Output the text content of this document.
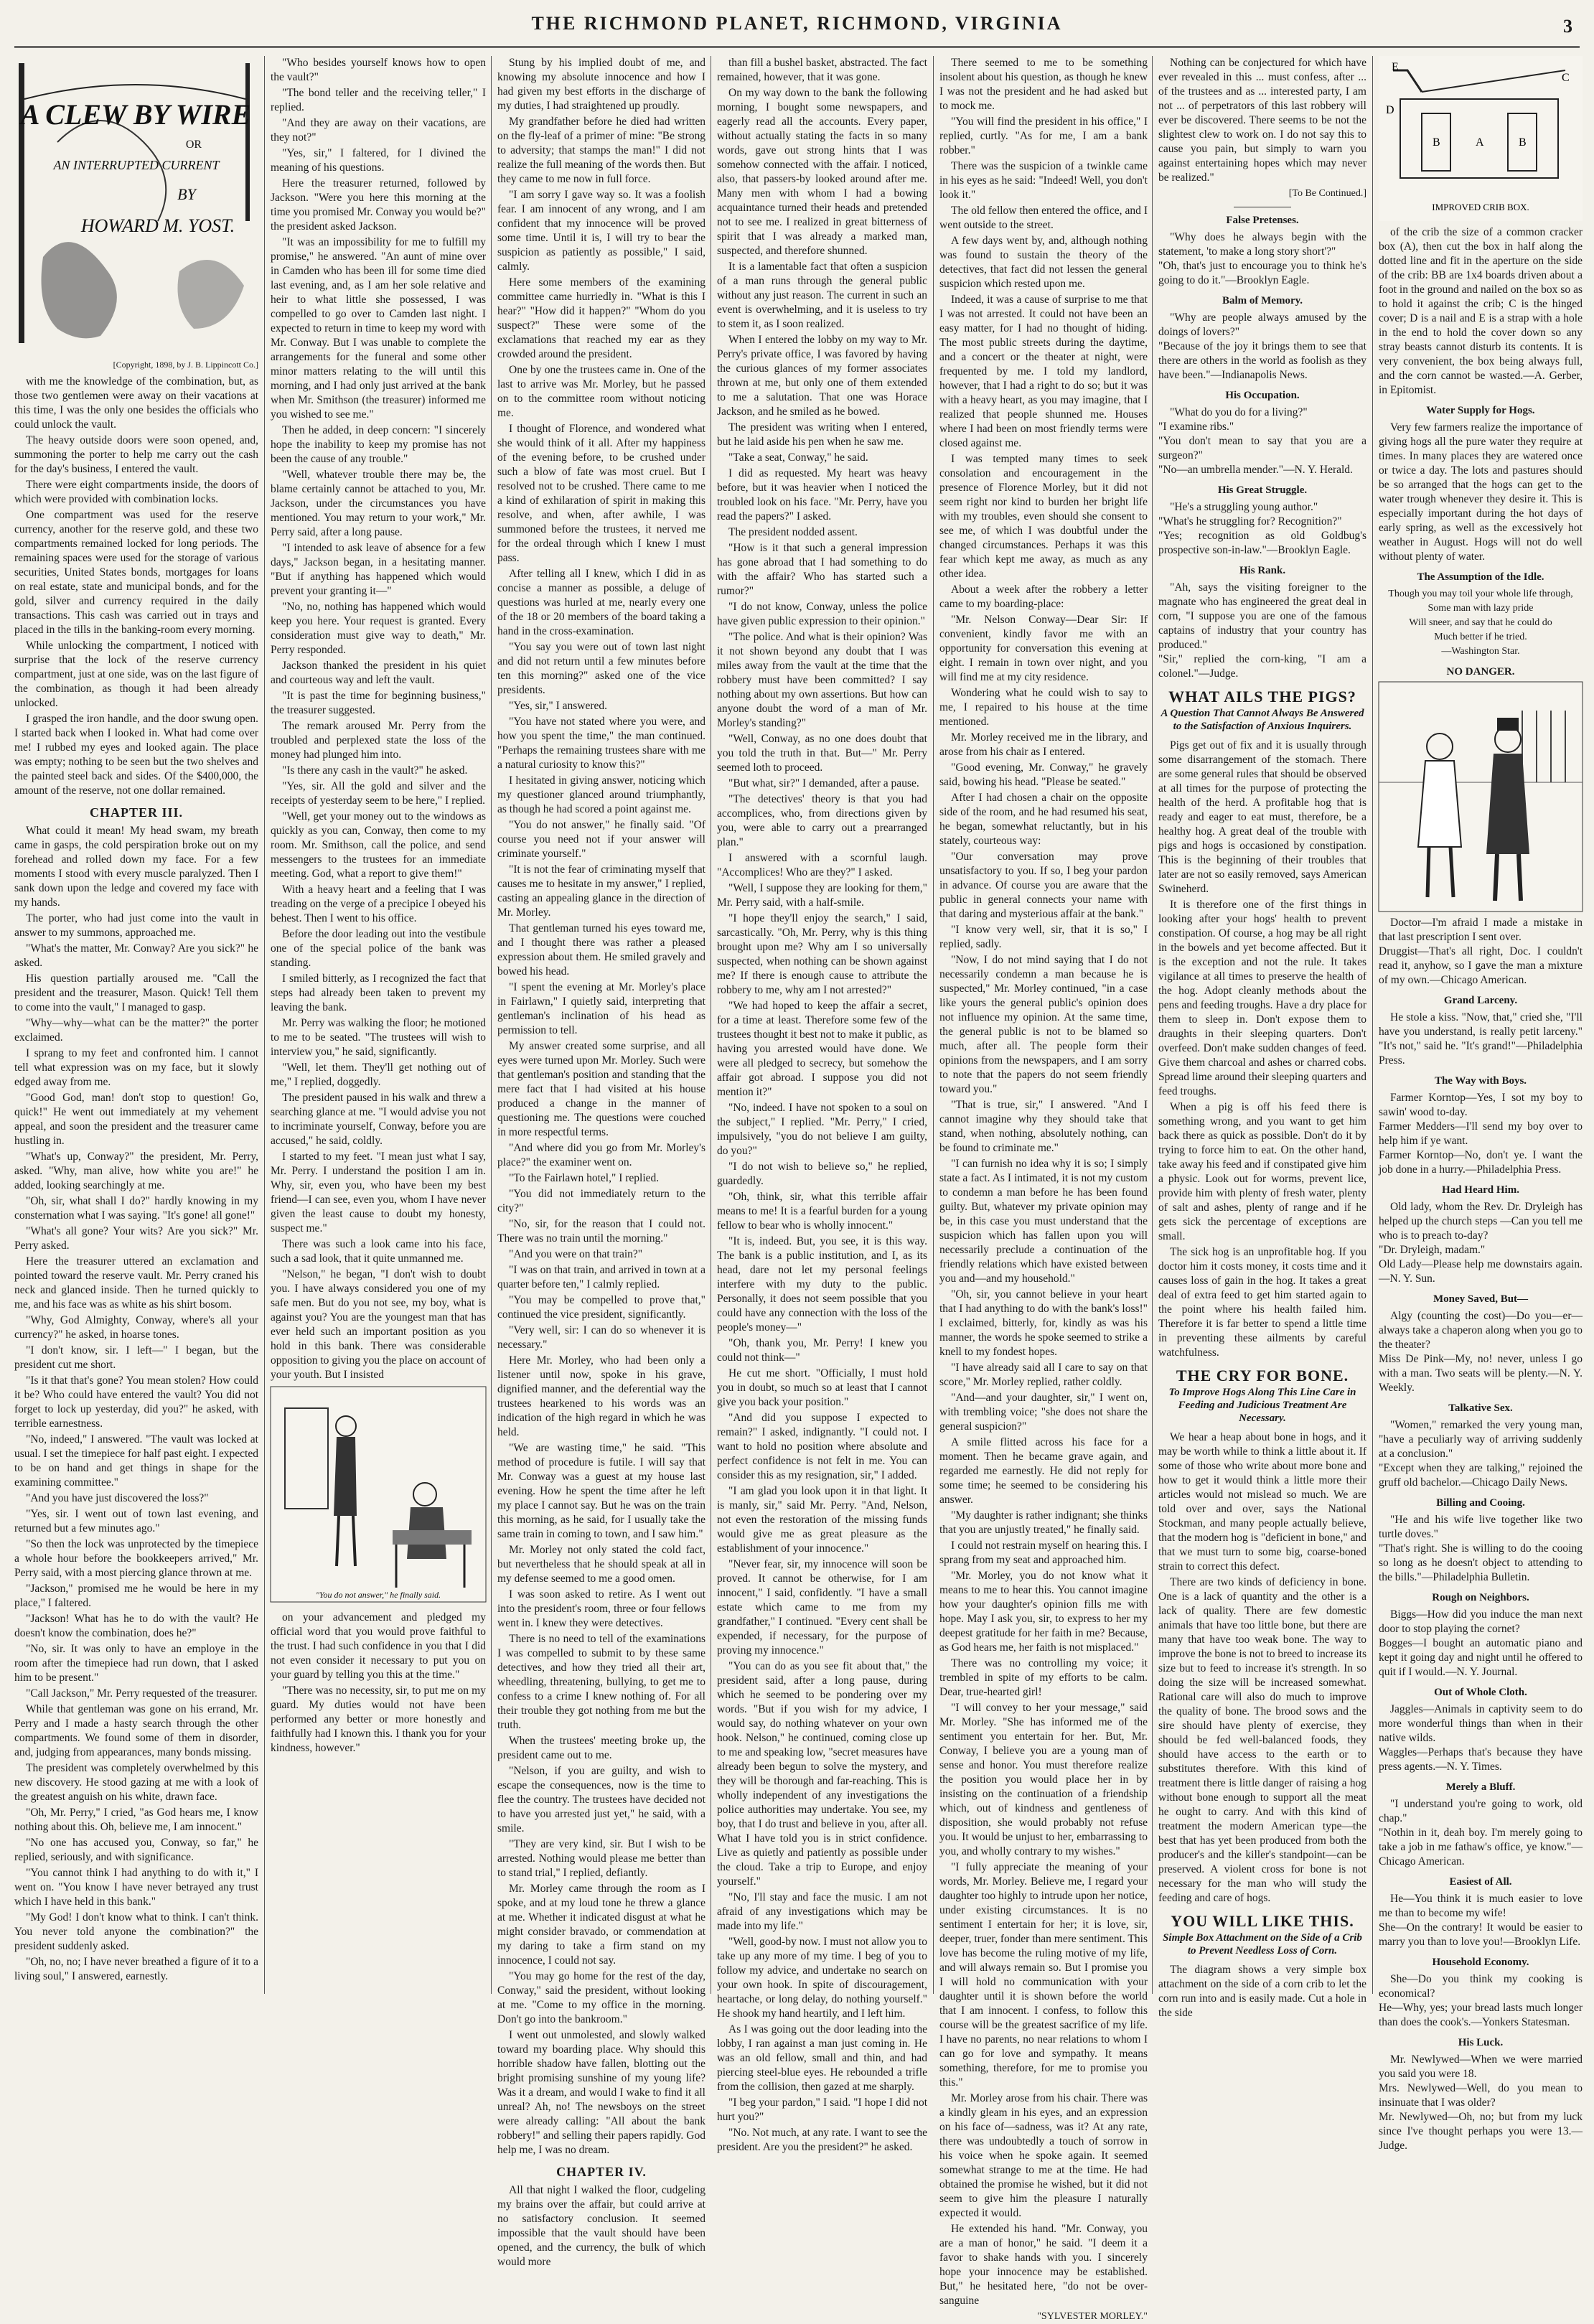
THE RICHMOND PLANET, RICHMOND, VIRGINIA	3
A CLEW BY WIRE
OR
AN INTERRUPTED CURRENT
BY
HOWARD M. YOST.
[Copyright, 1898, by J. B. Lippincott Co.]

with me the knowledge of the combination, but, as those two gentlemen were away on their vacations at this time, I was the only one besides the officials who could unlock the vault.

The heavy outside doors were soon opened, and, summoning the porter to help me carry out the cash for the day's business, I entered the vault.

There were eight compartments inside, the doors of which were provided with combination locks.

One compartment was used for the reserve currency, another for the reserve gold, and these two compartments remained locked for long periods. The remaining spaces were used for the storage of various securities, United States bonds, mortgages for loans on real estate, state and municipal bonds, and for the gold, silver and currency required in the daily transactions. This cash was carried out in trays and placed in the tills in the banking-room every morning.

While unlocking the compartment, I noticed with surprise that the lock of the reserve currency compartment, just at one side, was on the last figure of the combination, as though it had been already unlocked.

I grasped the iron handle, and the door swung open. I started back when I looked in. What had come over me! I rubbed my eyes and looked again. The place was empty; nothing to be seen but the two shelves and the painted steel back and sides. Of the $400,000, the amount of the reserve, not one dollar remained.

CHAPTER III.

What could it mean! My head swam, my breath came in gasps, the cold perspiration broke out on my forehead and rolled down my face. For a few moments I stood with every muscle paralyzed. Then I sank down upon the ledge and covered my face with my hands.

The porter, who had just come into the vault in answer to my summons, approached me.

"What's the matter, Mr. Conway? Are you sick?" he asked.

His question partially aroused me. "Call the president and the treasurer, Mason. Quick! Tell them to come into the vault," I managed to gasp.

"Why—why—what can be the matter?" the porter exclaimed.

I sprang to my feet and confronted him. I cannot tell what expression was on my face, but it slowly edged away from me.

"Good God, man! don't stop to question! Go, quick!" He went out immediately at my vehement appeal, and soon the president and the treasurer came hustling in.

"What's up, Conway?" the president, Mr. Perry, asked. "Why, man alive, how white you are!" he added, looking searchingly at me.

"Oh, sir, what shall I do?" hardly knowing in my consternation what I was saying. "It's gone! all gone!"

"What's all gone? Your wits? Are you sick?" Mr. Perry asked.

Here the treasurer uttered an exclamation and pointed toward the reserve vault. Mr. Perry craned his neck and glanced inside. Then he turned quickly to me, and his face was as white as his shirt bosom.

"Why, God Almighty, Conway, where's all your currency?" he asked, in hoarse tones.

"I don't know, sir. I left—" I began, but the president cut me short.

"Is it that that's gone? You mean stolen? How could it be? Who could have entered the vault? You did not forget to lock up yesterday, did you?" he asked, with terrible earnestness.

"No, indeed," I answered. "The vault was locked at usual. I set the timepiece for half past eight. I expected to be on hand and get things in shape for the examining committee."

"And you have just discovered the loss?"

"Yes, sir. I went out of town last evening, and returned but a few minutes ago."

"So then the lock was unprotected by the timepiece a whole hour before the bookkeepers arrived," Mr. Perry said, with a most piercing glance thrown at me.

"Jackson," promised me he would be here in my place," I faltered.

"Jackson! What has he to do with the vault? He doesn't know the combination, does he?"

"No, sir. It was only to have an employe in the room after the timepiece had run down, that I asked him to be present."

"Call Jackson," Mr. Perry requested of the treasurer.

While that gentleman was gone on his errand, Mr. Perry and I made a hasty search through the other compartments. We found some of them in disorder, and, judging from appearances, many bonds missing.

The president was completely overwhelmed by this new discovery. He stood gazing at me with a look of the greatest anguish on his white, drawn face.

"Oh, Mr. Perry," I cried, "as God hears me, I know nothing about this. Oh, believe me, I am innocent."

"No one has accused you, Conway, so far," he replied, seriously, and with significance.

"You cannot think I had anything to do with it," I went on. "You know I have never betrayed any trust which I have held in this bank."

"My God! I don't know what to think. I can't think. You never told anyone the combination?" the president suddenly asked.

"Oh, no, no; I have never breathed a figure of it to a living soul," I answered, earnestly.

"Who besides yourself knows how to open the vault?"

"The bond teller and the receiving teller," I replied.

"And they are away on their vacations, are they not?"

"Yes, sir," I faltered, for I divined the meaning of his questions.

Here the treasurer returned, followed by Jackson. "Were you here this morning at the time you promised Mr. Conway you would be?" the president asked Jackson.

"It was an impossibility for me to fulfill my promise," he answered. "An aunt of mine over in Camden who has been ill for some time died last evening, and, as I am her sole relative and heir to what little she possessed, I was compelled to go over to Camden last night. I expected to return in time to keep my word with Mr. Conway. But I was unable to complete the arrangements for the funeral and some other minor matters relating to the will until this morning, and I had only just arrived at the bank when Mr. Smithson (the treasurer) informed me you wished to see me."

Then he added, in deep concern: "I sincerely hope the inability to keep my promise has not been the cause of any trouble."

"Well, whatever trouble there may be, the blame certainly cannot be attached to you, Mr. Jackson, under the circumstances you have mentioned. You may return to your work," Mr. Perry said, after a long pause.

"I intended to ask leave of absence for a few days," Jackson began, in a hesitating manner. "But if anything has happened which would prevent your granting it—"

"No, no, nothing has happened which would keep you here. Your request is granted. Every consideration must give way to death," Mr. Perry responded.

Jackson thanked the president in his quiet and courteous way and left the vault.

"It is past the time for beginning business," the treasurer suggested.

The remark aroused Mr. Perry from the troubled and perplexed state the loss of the money had plunged him into.

"Is there any cash in the vault?" he asked.

"Yes, sir. All the gold and silver and the receipts of yesterday seem to be here," I replied.

"Well, get your money out to the windows as quickly as you can, Conway, then come to my room. Mr. Smithson, call the police, and send messengers to the trustees for an immediate meeting. God, what a report to give them!"

With a heavy heart and a feeling that I was treading on the verge of a precipice I obeyed his behest. Then I went to his office.

Before the door leading out into the vestibule one of the special police of the bank was standing.

I smiled bitterly, as I recognized the fact that steps had already been taken to prevent my leaving the bank.

Mr. Perry was walking the floor; he motioned to me to be seated. "The trustees will wish to interview you," he said, significantly.

"Well, let them. They'll get nothing out of me," I replied, doggedly.

The president paused in his walk and threw a searching glance at me. "I would advise you not to incriminate yourself, Conway, before you are accused," he said, coldly.

I started to my feet. "I mean just what I say, Mr. Perry. I understand the position I am in. Why, sir, even you, who have been my best friend—I can see, even you, whom I have never given the least cause to doubt my honesty, suspect me."

There was such a look came into his face, such a sad look, that it quite unmanned me.

"Nelson," he began, "I don't wish to doubt you. I have always considered you one of my safe men. But do you not see, my boy, what is against you? You are the youngest man that has ever held such an important position as you hold in this bank. There was considerable opposition to giving you the place on account of your youth. But I insisted

"You do not answer," he finally said.

on your advancement and pledged my official word that you would prove faithful to the trust. I had such confidence in you that I did not even consider it necessary to put you on your guard by telling you this at the time."

"There was no necessity, sir, to put me on my guard. My duties would not have been performed any better or more honestly and faithfully had I known this. I thank you for your kindness, however."

Stung by his implied doubt of me, and knowing my absolute innocence and how I had given my best efforts in the discharge of my duties, I had straightened up proudly.

My grandfather before he died had written on the fly-leaf of a primer of mine: "Be strong to adversity; that stamps the man!" I did not realize the full meaning of the words then. But they came to me now in full force.

"I am sorry I gave way so. It was a foolish fear. I am innocent of any wrong, and I am confident that my innocence will be proved some time. Until it is, I will try to bear the suspicion as patiently as possible," I said, calmly.

Here some members of the examining committee came hurriedly in. "What is this I hear?" "How did it happen?" "Whom do you suspect?" These were some of the exclamations that reached my ear as they crowded around the president.

One by one the trustees came in. One of the last to arrive was Mr. Morley, but he passed on to the committee room without noticing me.

I thought of Florence, and wondered what she would think of it all. After my happiness of the evening before, to be crushed under such a blow of fate was most cruel. But I resolved not to be crushed. There came to me a kind of exhilaration of spirit in making this resolve, and when, after awhile, I was summoned before the trustees, it nerved me for the ordeal through which I knew I must pass.

After telling all I knew, which I did in as concise a manner as possible, a deluge of questions was hurled at me, nearly every one of the 18 or 20 members of the board taking a hand in the cross-examination.

"You say you were out of town last night and did not return until a few minutes before ten this morning?" asked one of the vice presidents.

"Yes, sir," I answered.

"You have not stated where you were, and how you spent the time," the man continued. "Perhaps the remaining trustees share with me a natural curiosity to know this?"

I hesitated in giving answer, noticing which my questioner glanced around triumphantly, as though he had scored a point against me.

"You do not answer," he finally said. "Of course you need not if your answer will criminate yourself."

"It is not the fear of criminating myself that causes me to hesitate in my answer," I replied, casting an appealing glance in the direction of Mr. Morley.

That gentleman turned his eyes toward me, and I thought there was rather a pleased expression about them. He smiled gravely and bowed his head.

"I spent the evening at Mr. Morley's place in Fairlawn," I quietly said, interpreting that gentleman's inclination of his head as permission to tell.

My answer created some surprise, and all eyes were turned upon Mr. Morley. Such were that gentleman's position and standing that the mere fact that I had visited at his house produced a change in the manner of questioning me. The questions were couched in more respectful terms.

"And where did you go from Mr. Morley's place?" the examiner went on.

"To the Fairlawn hotel," I replied.

"You did not immediately return to the city?"

"No, sir, for the reason that I could not. There was no train until the morning."

"And you were on that train?"

"I was on that train, and arrived in town at a quarter before ten," I calmly replied.

"You may be compelled to prove that," continued the vice president, significantly.

"Very well, sir: I can do so whenever it is necessary."

Here Mr. Morley, who had been only a listener until now, spoke in his grave, dignified manner, and the deferential way the trustees hearkened to his words was an indication of the high regard in which he was held.

"We are wasting time," he said. "This method of procedure is futile. I will say that Mr. Conway was a guest at my house last evening. How he spent the time after he left my place I cannot say. But he was on the train this morning, as he said, for I usually take the same train in coming to town, and I saw him."

Mr. Morley not only stated the cold fact, but nevertheless that he should speak at all in my defense seemed to me a good omen.

I was soon asked to retire. As I went out into the president's room, three or four fellows went in. I knew they were detectives.

There is no need to tell of the examinations I was compelled to submit to by these same detectives, and how they tried all their art, wheedling, threatening, bullying, to get me to confess to a crime I knew nothing of. For all their trouble they got nothing from me but the truth.

When the trustees' meeting broke up, the president came out to me.

"Nelson, if you are guilty, and wish to escape the consequences, now is the time to flee the country. The trustees have decided not to have you arrested just yet," he said, with a smile.

"They are very kind, sir. But I wish to be arrested. Nothing would please me better than to stand trial," I replied, defiantly.

Mr. Morley came through the room as I spoke, and at my loud tone he threw a glance at me. Whether it indicated disgust at what he might consider bravado, or commendation at my daring to take a firm stand on my innocence, I could not say.

"You may go home for the rest of the day, Conway," said the president, without looking at me. "Come to my office in the morning. Don't go into the bankroom."

I went out unmolested, and slowly walked toward my boarding place. Why should this horrible shadow have fallen, blotting out the bright promising sunshine of my young life? Was it a dream, and would I wake to find it all unreal? Ah, no! The newsboys on the street were already calling: "All about the bank robbery!" and selling their papers rapidly. God help me, I was no dream.

CHAPTER IV.

All that night I walked the floor, cudgeling my brains over the affair, but could arrive at no satisfactory conclusion. It seemed impossible that the vault should have been opened, and the currency, the bulk of which would more

than fill a bushel basket, abstracted. The fact remained, however, that it was gone.

On my way down to the bank the following morning, I bought some newspapers, and eagerly read all the accounts. Every paper, without actually stating the facts in so many words, gave out strong hints that I was somehow connected with the affair. I noticed, also, that passers-by looked around after me. Many men with whom I had a bowing acquaintance turned their heads and pretended not to see me. I realized in great bitterness of spirit that I was already a marked man, suspected, and therefore shunned.

It is a lamentable fact that often a suspicion of a man runs through the general public without any just reason. The current in such an event is overwhelming, and it is useless to try to stem it, as I soon realized.

When I entered the lobby on my way to Mr. Perry's private office, I was favored by having the curious glances of my former associates thrown at me, but only one of them extended to me a salutation. That one was Horace Jackson, and he smiled as he bowed.

The president was writing when I entered, but he laid aside his pen when he saw me.

"Take a seat, Conway," he said.

I did as requested. My heart was heavy before, but it was heavier when I noticed the troubled look on his face. "Mr. Perry, have you read the papers?" I asked.

The president nodded assent.

"How is it that such a general impression has gone abroad that I had something to do with the affair? Who has started such a rumor?"

"I do not know, Conway, unless the police have given public expression to their opinion."

"The police. And what is their opinion? Was it not shown beyond any doubt that I was miles away from the vault at the time that the robbery must have been committed? I say nothing about my own assertions. But how can anyone doubt the word of a man of Mr. Morley's standing?"

"Well, Conway, as no one does doubt that you told the truth in that. But—" Mr. Perry seemed loth to proceed.

"But what, sir?" I demanded, after a pause.

"The detectives' theory is that you had accomplices, who, from directions given by you, were able to carry out a prearranged plan."

I answered with a scornful laugh. "Accomplices! Who are they?" I asked.

"Well, I suppose they are looking for them," Mr. Perry said, with a half-smile.

"I hope they'll enjoy the search," I said, sarcastically. "Oh, Mr. Perry, why is this thing brought upon me? Why am I so universally suspected, when nothing can be shown against me? If there is enough cause to attribute the robbery to me, why am I not arrested?"

"We had hoped to keep the affair a secret, for a time at least. Therefore some few of the trustees thought it best not to make it public, as having you arrested would have done. We were all pledged to secrecy, but somehow the affair got abroad. I suppose you did not mention it?"

"No, indeed. I have not spoken to a soul on the subject," I replied. "Mr. Perry," I cried, impulsively, "you do not believe I am guilty, do you?"

"I do not wish to believe so," he replied, guardedly.

"Oh, think, sir, what this terrible affair means to me! It is a fearful burden for a young fellow to bear who is wholly innocent."

"It is, indeed. But, you see, it is this way. The bank is a public institution, and I, as its head, dare not let my personal feelings interfere with my duty to the public. Personally, it does not seem possible that you could have any connection with the loss of the people's money—"

"Oh, thank you, Mr. Perry! I knew you could not think—"

He cut me short. "Officially, I must hold you in doubt, so much so at least that I cannot give you back your position."

"And did you suppose I expected to remain?" I asked, indignantly. "I could not. I want to hold no position where absolute and perfect confidence is not felt in me. You can consider this as my resignation, sir," I added.

"I am glad you look upon it in that light. It is manly, sir," said Mr. Perry. "And, Nelson, not even the restoration of the missing funds would give me as great pleasure as the establishment of your innocence."

"Never fear, sir, my innocence will soon be proved. It cannot be otherwise, for I am innocent," I said, confidently. "I have a small estate which came to me from my grandfather," I continued. "Every cent shall be expended, if necessary, for the purpose of proving my innocence."

"You can do as you see fit about that," the president said, after a long pause, during which he seemed to be pondering over my words. "But if you wish for my advice, I would say, do nothing whatever on your own hook. Nelson," he continued, coming close up to me and speaking low, "secret measures have already been begun to solve the mystery, and they will be thorough and far-reaching. This is wholly independent of any investigations the police authorities may undertake. You see, my boy, that I do trust and believe in you, after all. What I have told you is in strict confidence. Live as quietly and patiently as possible under the cloud. Take a trip to Europe, and enjoy yourself."

"No, I'll stay and face the music. I am not afraid of any investigations which may be made into my life."

"Well, good-by now. I must not allow you to take up any more of my time. I beg of you to follow my advice, and undertake no search on your own hook. In spite of discouragement, heartache, or long delay, do nothing yourself." He shook my hand heartily, and I left him.

As I was going out the door leading into the lobby, I ran against a man just coming in. He was an old fellow, small and thin, and had piercing steel-blue eyes. He rebounded a trifle from the collision, then gazed at me sharply.

"I beg your pardon," I said. "I hope I did not hurt you?"

"No. Not much, at any rate. I want to see the president. Are you the president?" he asked.

There seemed to me to be something insolent about his question, as though he knew I was not the president and he had asked but to mock me.

"You will find the president in his office," I replied, curtly. "As for me, I am a bank robber."

There was the suspicion of a twinkle came in his eyes as he said: "Indeed! Well, you don't look it."

The old fellow then entered the office, and I went outside to the street.

A few days went by, and, although nothing was found to sustain the theory of the detectives, that fact did not lessen the general suspicion which rested upon me.

Indeed, it was a cause of surprise to me that I was not arrested. It could not have been an easy matter, for I had no thought of hiding. The most public streets during the daytime, and a concert or the theater at night, were frequented by me. I told my landlord, however, that I had a right to do so; but it was with a heavy heart, as you may imagine, that I realized that people shunned me. Houses where I had been on most friendly terms were closed against me.

I was tempted many times to seek consolation and encouragement in the presence of Florence Morley, but it did not seem right nor kind to burden her bright life with my troubles, even should she consent to see me, of which I was doubtful under the changed circumstances. Perhaps it was this fear which kept me away, as much as any other idea.

About a week after the robbery a letter came to my boarding-place:

"Mr. Nelson Conway—Dear Sir: If convenient, kindly favor me with an opportunity for conversation this evening at eight. I remain in town over night, and you will find me at my city residence.

Wondering what he could wish to say to me, I repaired to his house at the time mentioned.

Mr. Morley received me in the library, and arose from his chair as I entered.

"Good evening, Mr. Conway," he gravely said, bowing his head. "Please be seated."

After I had chosen a chair on the opposite side of the room, and he had resumed his seat, he began, somewhat reluctantly, but in his stately, courteous way:

"Our conversation may prove unsatisfactory to you. If so, I beg your pardon in advance. Of course you are aware that the public in general connects your name with that daring and mysterious affair at the bank."

"I know very well, sir, that it is so," I replied, sadly.

"Now, I do not mind saying that I do not necessarily condemn a man because he is suspected," Mr. Morley continued, "in a case like yours the general public's opinion does not influence my opinion. At the same time, the general public is not to be blamed so much, after all. The people form their opinions from the newspapers, and I am sorry to note that the papers do not seem friendly toward you."

"That is true, sir," I answered. "And I cannot imagine why they should take that stand, when nothing, absolutely nothing, can be found to criminate me."

"I can furnish no idea why it is so; I simply state a fact. As I intimated, it is not my custom to condemn a man before he has been found guilty. But, whatever my private opinion may be, in this case you must understand that the suspicion which has fallen upon you will necessarily preclude a continuation of the friendly relations which have existed between you and—and my household."

"Oh, sir, you cannot believe in your heart that I had anything to do with the bank's loss!" I exclaimed, bitterly, for, kindly as was his manner, the words he spoke seemed to strike a knell to my fondest hopes.

"I have already said all I care to say on that score," Mr. Morley replied, rather coldly.

"And—and your daughter, sir," I went on, with trembling voice; "she does not share the general suspicion?"

A smile flitted across his face for a moment. Then he became grave again, and regarded me earnestly. He did not reply for some time; he seemed to be considering his answer.

"My daughter is rather indignant; she thinks that you are unjustly treated," he finally said.

I could not restrain myself on hearing this. I sprang from my seat and approached him.

"Mr. Morley, you do not know what it means to me to hear this. You cannot imagine how your daughter's opinion fills me with hope. May I ask you, sir, to express to her my deepest gratitude for her faith in me? Because, as God hears me, her faith is not misplaced."

There was no controlling my voice; it trembled in spite of my efforts to be calm. Dear, true-hearted girl!

"I will convey to her your message," said Mr. Morley. "She has informed me of the sentiment you entertain for her. But, Mr. Conway, I believe you are a young man of sense and honor. You must therefore realize the position you would place her in by insisting on the continuation of a friendship which, out of kindness and gentleness of disposition, she would probably not refuse you. It would be unjust to her, embarrassing to you, and wholly contrary to my wishes."

"I fully appreciate the meaning of your words, Mr. Morley. Believe me, I regard your daughter too highly to intrude upon her notice, under existing circumstances. It is no sentiment I entertain for her; it is love, sir, deeper, truer, fonder than mere sentiment. This love has become the ruling motive of my life, and will always remain so. But I promise you I will hold no communication with your daughter until it is shown before the world that I am innocent. I confess, to follow this course will be the greatest sacrifice of my life. I have no parents, no near relations to whom I can go for love and sympathy. It means something, therefore, for me to promise you this."

Mr. Morley arose from his chair. There was a kindly gleam in his eyes, and an expression on his face of—sadness, was it? At any rate, there was undoubtedly a touch of sorrow in his voice when he spoke again. It seemed somewhat strange to me at the time. He had obtained the promise he wished, but it did not seem to give him the pleasure I naturally expected it would.

He extended his hand. "Mr. Conway, you are a man of honor," he said. "I deem it a favor to shake hands with you. I sincerely hope your innocence may be established. But," he hesitated here, "do not be over-sanguine

"SYLVESTER MORLEY."

Nothing can be conjectured for which have ever revealed in this ... must confess, after ... of the trustees and as ... interested party, I am not ... of perpetrators of this last robbery will ever be discovered. There seems to be not the slightest clew to work on. I do not say this to cause you pain, but simply to warn you against entertaining hopes which may never be realized."

[To Be Continued.]
False Pretenses.

"Why does he always begin with the statement, 'to make a long story short'?"
"Oh, that's just to encourage you to think he's going to do it."—Brooklyn Eagle.

Balm of Memory.

"Why are people always amused by the doings of lovers?"
"Because of the joy it brings them to see that there are others in the world as foolish as they have been."—Indianapolis News.

His Occupation.

"What do you do for a living?"
"I examine ribs."
"You don't mean to say that you are a surgeon?"
"No—an umbrella mender."—N. Y. Herald.

His Great Struggle.

"He's a struggling young author."
"What's he struggling for? Recognition?"
"Yes; recognition as old Goldbug's prospective son-in-law."—Brooklyn Eagle.

His Rank.

"Ah, says the visiting foreigner to the magnate who has engineered the great deal in corn, "I suppose you are one of the famous captains of industry that your country has produced."
"Sir," replied the corn-king, "I am a colonel."—Judge.

WHAT AILS THE PIGS?
A Question That Cannot Always Be Answered to the Satisfaction of Anxious Inquirers.

Pigs get out of fix and it is usually through some disarrangement of the stomach. There are some general rules that should be observed at all times for the purpose of protecting the health of the herd. A profitable hog that is ready and eager to eat must, therefore, be a healthy hog. A great deal of the trouble with pigs and hogs is occasioned by constipation. This is the beginning of their troubles that later are not so easily removed, says American Swineherd.

It is therefore one of the first things in looking after your hogs' health to prevent constipation. Of course, a hog may be all right in the bowels and yet become affected. But it is the exception and not the rule. It takes vigilance at all times to preserve the health of the hog. Adopt cleanly methods about the pens and feeding troughs. Have a dry place for them to sleep in. Don't expose them to draughts in their sleeping quarters. Don't overfeed. Don't make sudden changes of feed. Give them charcoal and ashes or charred cobs. Spread lime around their sleeping quarters and feed troughs.

When a pig is off his feed there is something wrong, and you want to get him back there as quick as possible. Don't do it by trying to force him to eat. On the other hand, take away his feed and if constipated give him a physic. Look out for worms, prevent lice, provide him with plenty of fresh water, plenty of salt and ashes, plenty of range and if he gets sick the percentage of exceptions are small.

The sick hog is an unprofitable hog. If you doctor him it costs money, it costs time and it causes loss of gain in the hog. It takes a great deal of extra feed to get him started again to the point where his health failed him. Therefore it is far better to spend a little time in preventing these ailments by careful watchfulness.

THE CRY FOR BONE.
To Improve Hogs Along This Line Care in Feeding and Judicious Treatment Are Necessary.

We hear a heap about bone in hogs, and it may be worth while to think a little about it. If some of those who write about more bone and how to get it would think a little more their articles would not mislead so much. We are told over and over, says the National Stockman, and many people actually believe, that the modern hog is "deficient in bone," and that we must turn to some big, coarse-boned strain to correct this defect.

There are two kinds of deficiency in bone. One is a lack of quantity and the other is a lack of quality. There are few domestic animals that have too little bone, but there are many that have too weak bone. The way to improve the bone is not to breed to increase its size but to feed to increase it's strength. In so doing the size will be increased somewhat. Rational care will also do much to improve the quality of bone. The brood sows and the sire should have plenty of exercise, they should be fed well-balanced foods, they should have access to the earth or to substitutes therefore. With this kind of treatment there is little danger of raising a hog without bone enough to support all the meat he ought to carry. And with this kind of treatment the modern American type—the best that has yet been produced from both the producer's and the killer's standpoint—can be preserved. A violent cross for bone is not necessary for the man who will study the feeding and care of hogs.

YOU WILL LIKE THIS.
Simple Box Attachment on the Side of a Crib to Prevent Needless Loss of Corn.

The diagram shows a very simple box attachment on the side of a corn crib to let the corn run into and is easily made. Cut a hole in the side

E
D
B	A	B
C
IMPROVED CRIB BOX.

of the crib the size of a common cracker box (A), then cut the box in half along the dotted line and fit in the aperture on the side of the crib: BB are 1x4 boards driven about a foot in the ground and nailed on the box so as to hold it against the crib; C is the hinged cover; D is a nail and E is a strap with a hole in the end to hold the cover down so any stray beasts cannot disturb its contents. It is very convenient, the box being always full, and the corn cannot be wasted.—A. Gerber, in Epitomist.

Water Supply for Hogs.

Very few farmers realize the importance of giving hogs all the pure water they require at times. In many places they are watered once or twice a day. The lots and pastures should be so arranged that the hogs can get to the water trough whenever they desire it. This is especially important during the hot days of early spring, as well as the excessively hot weather in August. Hogs will not do well without plenty of water.

The Assumption of the Idle.
Though you may toil your whole life through,
Some man with lazy pride
Will sneer, and say that he could do
Much better if he tried.
—Washington Star.
NO DANGER.

Doctor—I'm afraid I made a mistake in that last prescription I sent over.
Druggist—That's all right, Doc. I couldn't read it, anyhow, so I gave the man a mixture of my own.—Chicago American.

Grand Larceny.

He stole a kiss. "Now, that," cried she, "I'll have you understand, is really petit larceny." "It's not," said he. "It's grand!"—Philadelphia Press.

The Way with Boys.

Farmer Korntop—Yes, I sot my boy to sawin' wood to-day.
Farmer Medders—I'll send my boy over to help him if ye want.
Farmer Korntop—No, don't ye. I want the job done in a hurry.—Philadelphia Press.

Had Heard Him.

Old lady, whom the Rev. Dr. Dryleigh has helped up the church steps —Can you tell me who is to preach to-day?
"Dr. Dryleigh, madam."
Old Lady—Please help me downstairs again.—N. Y. Sun.

Money Saved, But—

Algy (counting the cost)—Do you—er—always take a chaperon along when you go to the theater?
Miss De Pink—My, no! never, unless I go with a man. Two seats will be plenty.—N. Y. Weekly.

Talkative Sex.

"Women," remarked the very young man, "have a peculiarly way of arriving suddenly at a conclusion."
"Except when they are talking," rejoined the gruff old bachelor.—Chicago Daily News.

Billing and Cooing.

"He and his wife live together like two turtle doves."
"That's right. She is willing to do the cooing so long as he doesn't object to attending to the bills."—Philadelphia Bulletin.

Rough on Neighbors.

Biggs—How did you induce the man next door to stop playing the cornet?
Bogges—I bought an automatic piano and kept it going day and night until he offered to quit if I would.—N. Y. Journal.

Out of Whole Cloth.

Jaggles—Animals in captivity seem to do more wonderful things than when in their native wilds.
Waggles—Perhaps that's because they have press agents.—N. Y. Times.

Merely a Bluff.

"I understand you're going to work, old chap."
"Nothin in it, deah boy. I'm merely going to take a job in me fathaw's office, ye know."—Chicago American.

Easiest of All.

He—You think it is much easier to love me than to become my wife!
She—On the contrary! It would be easier to marry you than to love you!—Brooklyn Life.

Household Economy.

She—Do you think my cooking is economical?
He—Why, yes; your bread lasts much longer than does the cook's.—Yonkers Statesman.

His Luck.

Mr. Newlywed—When we were married you said you were 18.
Mrs. Newlywed—Well, do you mean to insinuate that I was older?
Mr. Newlywed—Oh, no; but from my luck since I've thought perhaps you were 13.—Judge.
